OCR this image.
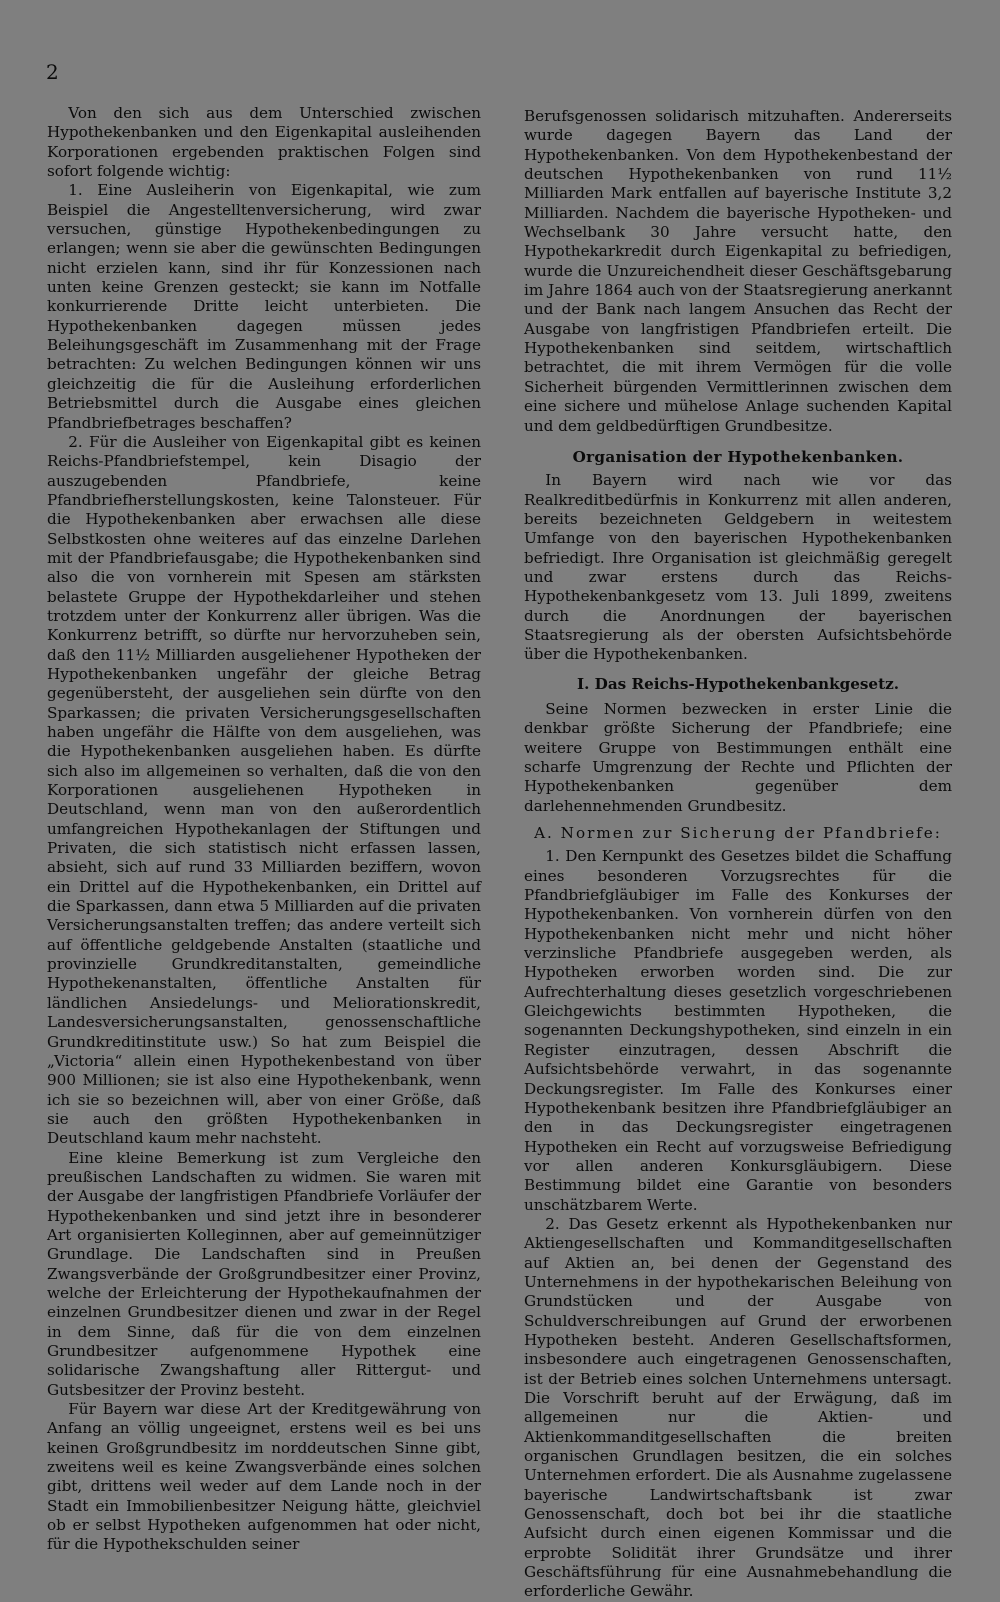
2

Von den sich aus dem Unterschied zwischen Hypothekenbanken und den Eigenkapital ausleihenden Korporationen ergebenden praktischen Folgen sind sofort folgende wichtig:

1. Eine Ausleiherin von Eigenkapital, wie zum Beispiel die Angestelltenversicherung, wird zwar versuchen, günstige Hypothekenbedingungen zu erlangen; wenn sie aber die gewünschten Bedingungen nicht erzielen kann, sind ihr für Konzessionen nach unten keine Grenzen gesteckt; sie kann im Notfalle konkurrierende Dritte leicht unterbieten. Die Hypothekenbanken dagegen müssen jedes Beleihungsgeschäft im Zusammenhang mit der Frage betrachten: Zu welchen Bedingungen können wir uns gleichzeitig die für die Ausleihung erforderlichen Betriebsmittel durch die Ausgabe eines gleichen Pfandbriefbetrages beschaffen?

2. Für die Ausleiher von Eigenkapital gibt es keinen Reichs-Pfandbriefstempel, kein Disagio der auszugebenden Pfandbriefe, keine Pfandbriefherstellungskosten, keine Talonsteuer. Für die Hypothekenbanken aber erwachsen alle diese Selbstkosten ohne weiteres auf das einzelne Darlehen mit der Pfandbriefausgabe; die Hypothekenbanken sind also die von vornherein mit Spesen am stärksten belastete Gruppe der Hypothekdarleiher und stehen trotzdem unter der Konkurrenz aller übrigen. Was die Konkurrenz betrifft, so dürfte nur hervorzuheben sein, daß den 11½ Milliarden ausgeliehener Hypotheken der Hypothekenbanken ungefähr der gleiche Betrag gegenübersteht, der ausgeliehen sein dürfte von den Sparkassen; die privaten Versicherungsgesellschaften haben ungefähr die Hälfte von dem ausgeliehen, was die Hypothekenbanken ausgeliehen haben. Es dürfte sich also im allgemeinen so verhalten, daß die von den Korporationen ausgeliehenen Hypotheken in Deutschland, wenn man von den außerordentlich umfangreichen Hypothekanlagen der Stiftungen und Privaten, die sich statistisch nicht erfassen lassen, absieht, sich auf rund 33 Milliarden beziffern, wovon ein Drittel auf die Hypothekenbanken, ein Drittel auf die Sparkassen, dann etwa 5 Milliarden auf die privaten Versicherungsanstalten treffen; das andere verteilt sich auf öffentliche geldgebende Anstalten (staatliche und provinzielle Grundkreditanstalten, gemeindliche Hypothekenanstalten, öffentliche Anstalten für ländlichen Ansiedelungs- und Meliorationskredit, Landesversicherungsanstalten, genossenschaftliche Grundkreditinstitute usw.) So hat zum Beispiel die „Victoria“ allein einen Hypothekenbestand von über 900 Millionen; sie ist also eine Hypothekenbank, wenn ich sie so bezeichnen will, aber von einer Größe, daß sie auch den größten Hypothekenbanken in Deutschland kaum mehr nachsteht.

Eine kleine Bemerkung ist zum Vergleiche den preußischen Landschaften zu widmen. Sie waren mit der Ausgabe der langfristigen Pfandbriefe Vorläufer der Hypothekenbanken und sind jetzt ihre in besonderer Art organisierten Kolleginnen, aber auf gemeinnütziger Grundlage. Die Landschaften sind in Preußen Zwangsverbände der Großgrundbesitzer einer Provinz, welche der Erleichterung der Hypothekaufnahmen der einzelnen Grundbesitzer dienen und zwar in der Regel in dem Sinne, daß für die von dem einzelnen Grundbesitzer aufgenommene Hypothek eine solidarische Zwangshaftung aller Rittergut- und Gutsbesitzer der Provinz besteht.

Für Bayern war diese Art der Kreditgewährung von Anfang an völlig ungeeignet, erstens weil es bei uns keinen Großgrundbesitz im norddeutschen Sinne gibt, zweitens weil es keine Zwangsverbände eines solchen gibt, drittens weil weder auf dem Lande noch in der Stadt ein Immobilienbesitzer Neigung hätte, gleichviel ob er selbst Hypotheken aufgenommen hat oder nicht, für die Hypothekschulden seiner

Berufsgenossen solidarisch mitzuhaften. Andererseits wurde dagegen Bayern das Land der Hypothekenbanken. Von dem Hypothekenbestand der deutschen Hypothekenbanken von rund 11½ Milliarden Mark entfallen auf bayerische Institute 3,2 Milliarden. Nachdem die bayerische Hypotheken- und Wechselbank 30 Jahre versucht hatte, den Hypothekarkredit durch Eigenkapital zu befriedigen, wurde die Unzureichendheit dieser Geschäftsgebarung im Jahre 1864 auch von der Staatsregierung anerkannt und der Bank nach langem Ansuchen das Recht der Ausgabe von langfristigen Pfandbriefen erteilt. Die Hypothekenbanken sind seitdem, wirtschaftlich betrachtet, die mit ihrem Vermögen für die volle Sicherheit bürgenden Vermittlerinnen zwischen dem eine sichere und mühelose Anlage suchenden Kapital und dem geldbedürftigen Grundbesitze.

Organisation der Hypothekenbanken.

In Bayern wird nach wie vor das Realkreditbedürfnis in Konkurrenz mit allen anderen, bereits bezeichneten Geldgebern in weitestem Umfange von den bayerischen Hypothekenbanken befriedigt. Ihre Organisation ist gleichmäßig geregelt und zwar erstens durch das Reichs-Hypothekenbankgesetz vom 13. Juli 1899, zweitens durch die Anordnungen der bayerischen Staatsregierung als der obersten Aufsichtsbehörde über die Hypothekenbanken.

I. Das Reichs-Hypothekenbankgesetz.

Seine Normen bezwecken in erster Linie die denkbar größte Sicherung der Pfandbriefe; eine weitere Gruppe von Bestimmungen enthält eine scharfe Umgrenzung der Rechte und Pflichten der Hypothekenbanken gegenüber dem darlehennehmenden Grundbesitz.

A. Normen zur Sicherung der Pfandbriefe:

1. Den Kernpunkt des Gesetzes bildet die Schaffung eines besonderen Vorzugsrechtes für die Pfandbriefgläubiger im Falle des Konkurses der Hypothekenbanken. Von vornherein dürfen von den Hypothekenbanken nicht mehr und nicht höher verzinsliche Pfandbriefe ausgegeben werden, als Hypotheken erworben worden sind. Die zur Aufrechterhaltung dieses gesetzlich vorgeschriebenen Gleichgewichts bestimmten Hypotheken, die sogenannten Deckungshypotheken, sind einzeln in ein Register einzutragen, dessen Abschrift die Aufsichtsbehörde verwahrt, in das sogenannte Deckungsregister. Im Falle des Konkurses einer Hypothekenbank besitzen ihre Pfandbriefgläubiger an den in das Deckungsregister eingetragenen Hypotheken ein Recht auf vorzugsweise Befriedigung vor allen anderen Konkursgläubigern. Diese Bestimmung bildet eine Garantie von besonders unschätzbarem Werte.

2. Das Gesetz erkennt als Hypothekenbanken nur Aktiengesellschaften und Kommanditgesellschaften auf Aktien an, bei denen der Gegenstand des Unternehmens in der hypothekarischen Beleihung von Grundstücken und der Ausgabe von Schuldverschreibungen auf Grund der erworbenen Hypotheken besteht. Anderen Gesellschaftsformen, insbesondere auch eingetragenen Genossenschaften, ist der Betrieb eines solchen Unternehmens untersagt. Die Vorschrift beruht auf der Erwägung, daß im allgemeinen nur die Aktien- und Aktienkommanditgesellschaften die breiten organischen Grundlagen besitzen, die ein solches Unternehmen erfordert. Die als Ausnahme zugelassene bayerische Landwirtschaftsbank ist zwar Genossenschaft, doch bot bei ihr die staatliche Aufsicht durch einen eigenen Kommissar und die erprobte Solidität ihrer Grundsätze und ihrer Geschäftsführung für eine Ausnahmebehandlung die erforderliche Gewähr.
